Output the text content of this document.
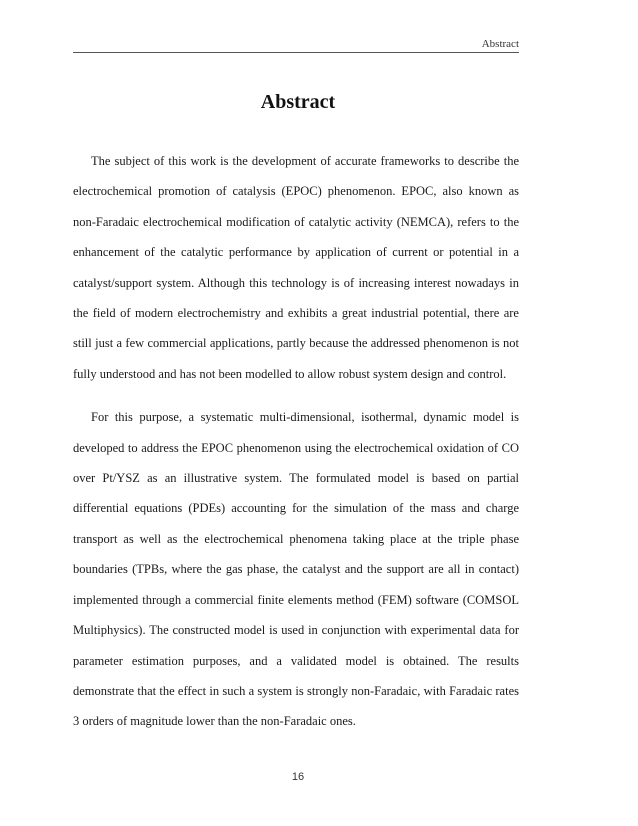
Abstract
Abstract

The subject of this work is the development of accurate frameworks to describe the electrochemical promotion of catalysis (EPOC) phenomenon. EPOC, also known as non-Faradaic electrochemical modification of catalytic activity (NEMCA), refers to the enhancement of the catalytic performance by application of current or potential in a catalyst/support system. Although this technology is of increasing interest nowadays in the field of modern electrochemistry and exhibits a great industrial potential, there are still just a few commercial applications, partly because the addressed phenomenon is not fully understood and has not been modelled to allow robust system design and control.

For this purpose, a systematic multi-dimensional, isothermal, dynamic model is developed to address the EPOC phenomenon using the electrochemical oxidation of CO over Pt/YSZ as an illustrative system. The formulated model is based on partial differential equations (PDEs) accounting for the simulation of the mass and charge transport as well as the electrochemical phenomena taking place at the triple phase boundaries (TPBs, where the gas phase, the catalyst and the support are all in contact) implemented through a commercial finite elements method (FEM) software (COMSOL Multiphysics). The constructed model is used in conjunction with experimental data for parameter estimation purposes, and a validated model is obtained. The results demonstrate that the effect in such a system is strongly non-Faradaic, with Faradaic rates 3 orders of magnitude lower than the non-Faradaic ones.

16
